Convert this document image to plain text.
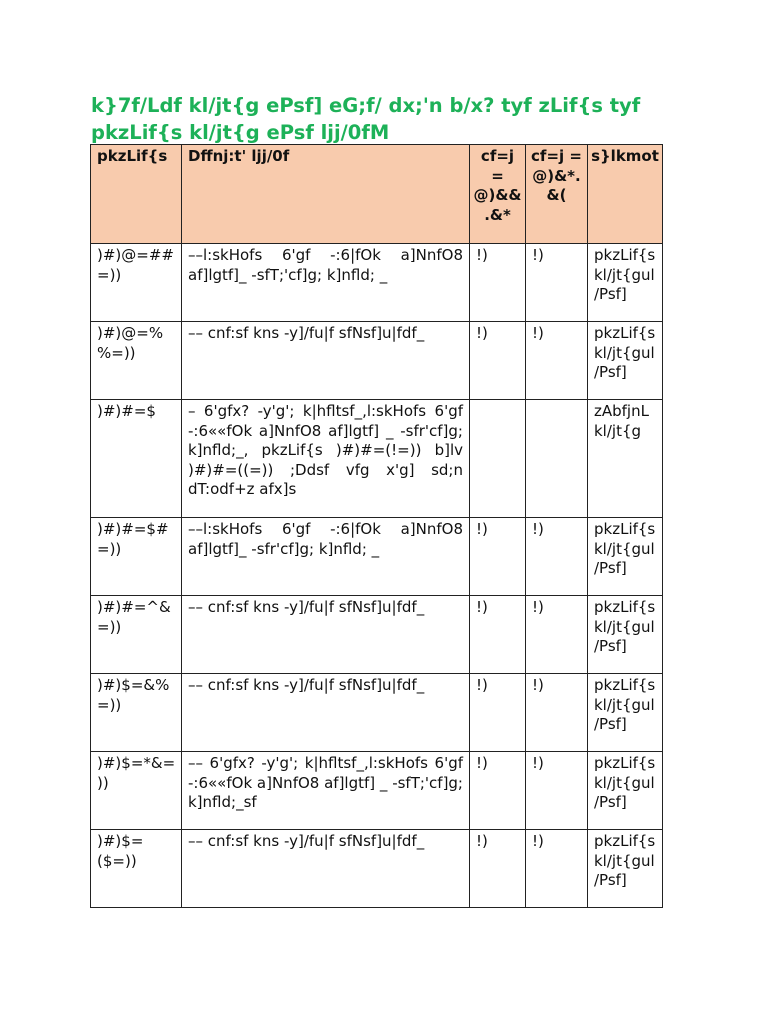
k}7f/Ldf kl/jt{g ePsf] eG;f/ dx;'n b/x? tyf zLif{s tyf
pkzLif{s kl/jt{g ePsf ljj/0fM
pkzLif{s	Dffnj:t' ljj/0f	cf=j = @)&&.&*	cf=j = @)&*.&(	s}lkmot
)#)@=##=))	––l:skHofs 6'gf -:6|fOk a]NnfO8 af]lgtf]_ -sfT;'cf]g; k]nfld; _	!)	!)	pkzLif{s kl/jt{gul/Psf]
)#)@=%%=))	–– cnf:sf kns -y]/fu|f sfNsf]u|fdf_	!)	!)	pkzLif{s kl/jt{gul/Psf]
)#)#=$	– 6'gfx? -y'g'; k|hfltsf_,l:skHofs 6'gf -:6««fOk a]NnfO8 af]lgtf] _ -sfr'cf]g; k]nfld;_, pkzLif{s )#)#=(!=)) b]lv )#)#=((=)) ;Ddsf vfg x'g] sd;n dT:odf+z afx]s			zAbfjnL kl/jt{g
)#)#=$#=))	––l:skHofs 6'gf -:6|fOk a]NnfO8 af]lgtf]_ -sfr'cf]g; k]nfld; _	!)	!)	pkzLif{s kl/jt{gul/Psf]
)#)#=^&=))	–– cnf:sf kns -y]/fu|f sfNsf]u|fdf_	!)	!)	pkzLif{s kl/jt{gul/Psf]
)#)$=&%=))	–– cnf:sf kns -y]/fu|f sfNsf]u|fdf_	!)	!)	pkzLif{s kl/jt{gul/Psf]
)#)$=*&=))	–– 6'gfx? -y'g'; k|hfltsf_,l:skHofs 6'gf -:6««fOk a]NnfO8 af]lgtf] _ -sfT;'cf]g; k]nfld;_sf	!)	!)	pkzLif{s kl/jt{gul/Psf]
)#)$=($=))	–– cnf:sf kns -y]/fu|f sfNsf]u|fdf_	!)	!)	pkzLif{s kl/jt{gul/Psf]
